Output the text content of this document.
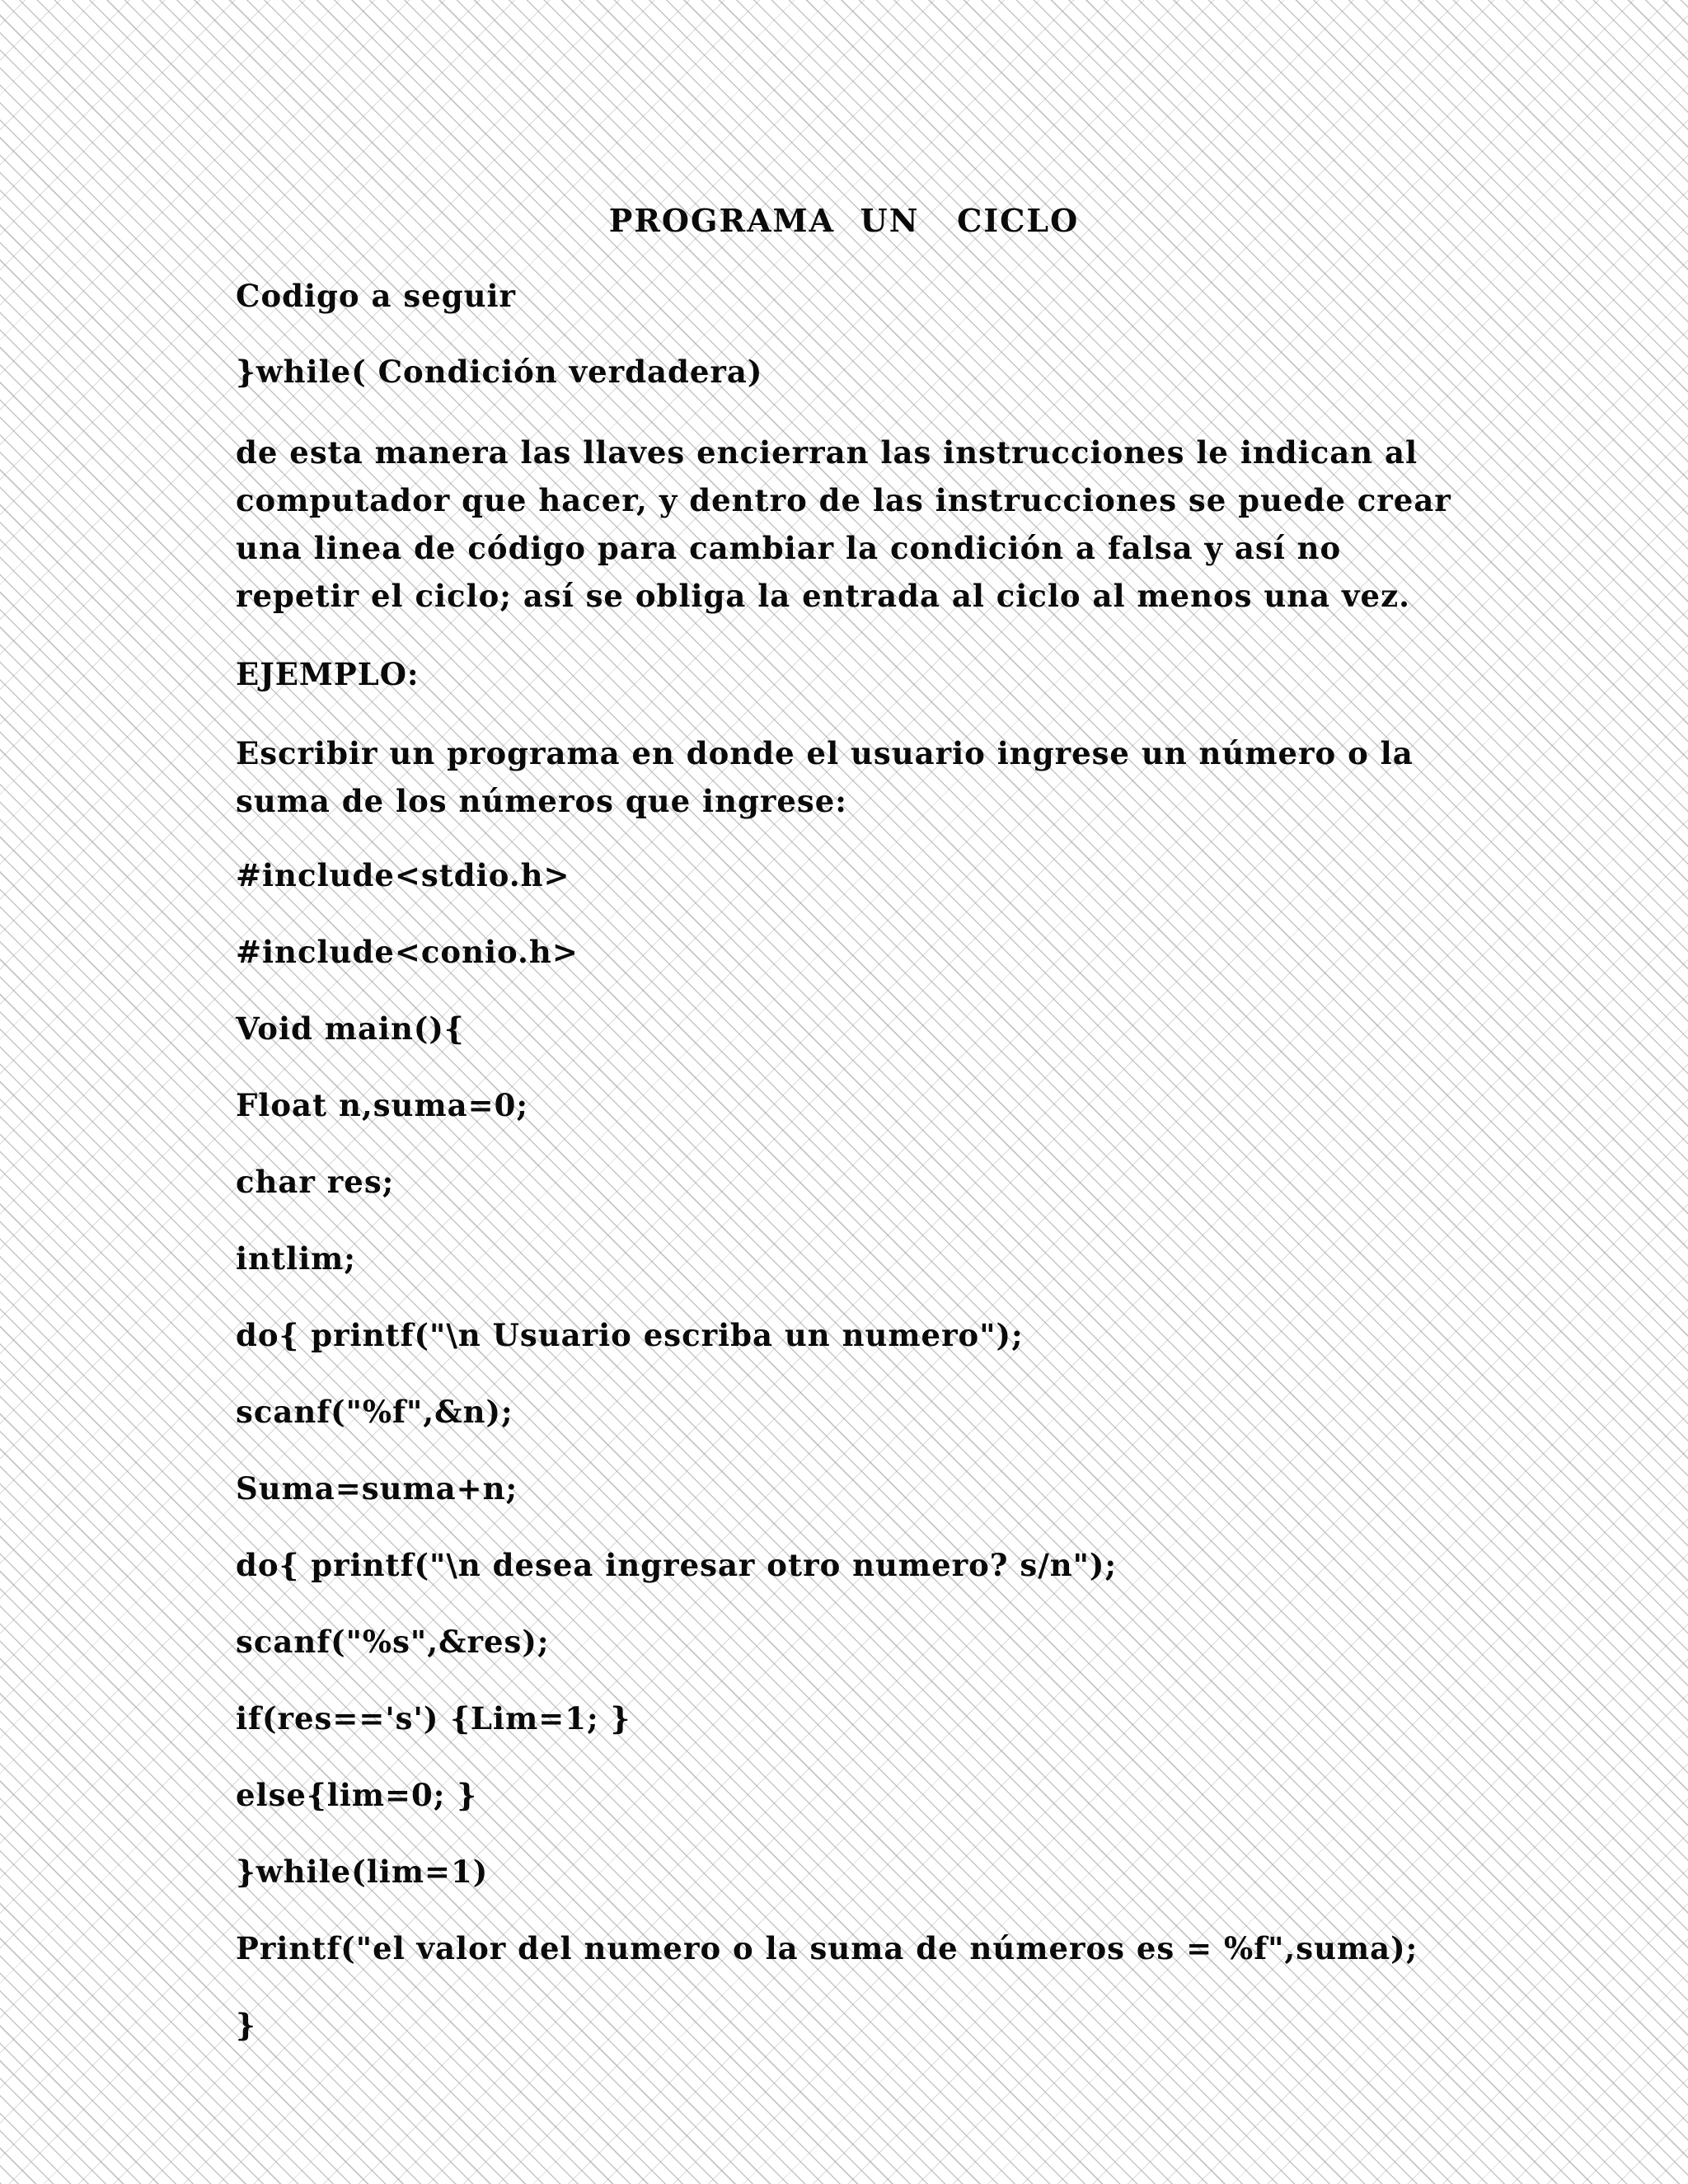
PROGRAMA  UN   CICLO
Codigo a seguir
}while( Condición verdadera)
de esta manera las llaves encierran las instrucciones le indican al
computador que hacer, y dentro de las instrucciones se puede crear
una linea de código para cambiar la condición a falsa y así no
repetir el ciclo; así se obliga la entrada al ciclo al menos una vez.
EJEMPLO:
Escribir un programa en donde el usuario ingrese un número o la
suma de los números que ingrese:
#include<stdio.h>
#include<conio.h>
Void main(){
Float n,suma=0;
char res;
intlim;
do{ printf("\n Usuario escriba un numero");
scanf("%f",&n);
Suma=suma+n;
do{ printf("\n desea ingresar otro numero? s/n");
scanf("%s",&res);
if(res=='s') {Lim=1; }
else{lim=0; }
}while(lim=1)
Printf("el valor del numero o la suma de números es = %f",suma);
}
